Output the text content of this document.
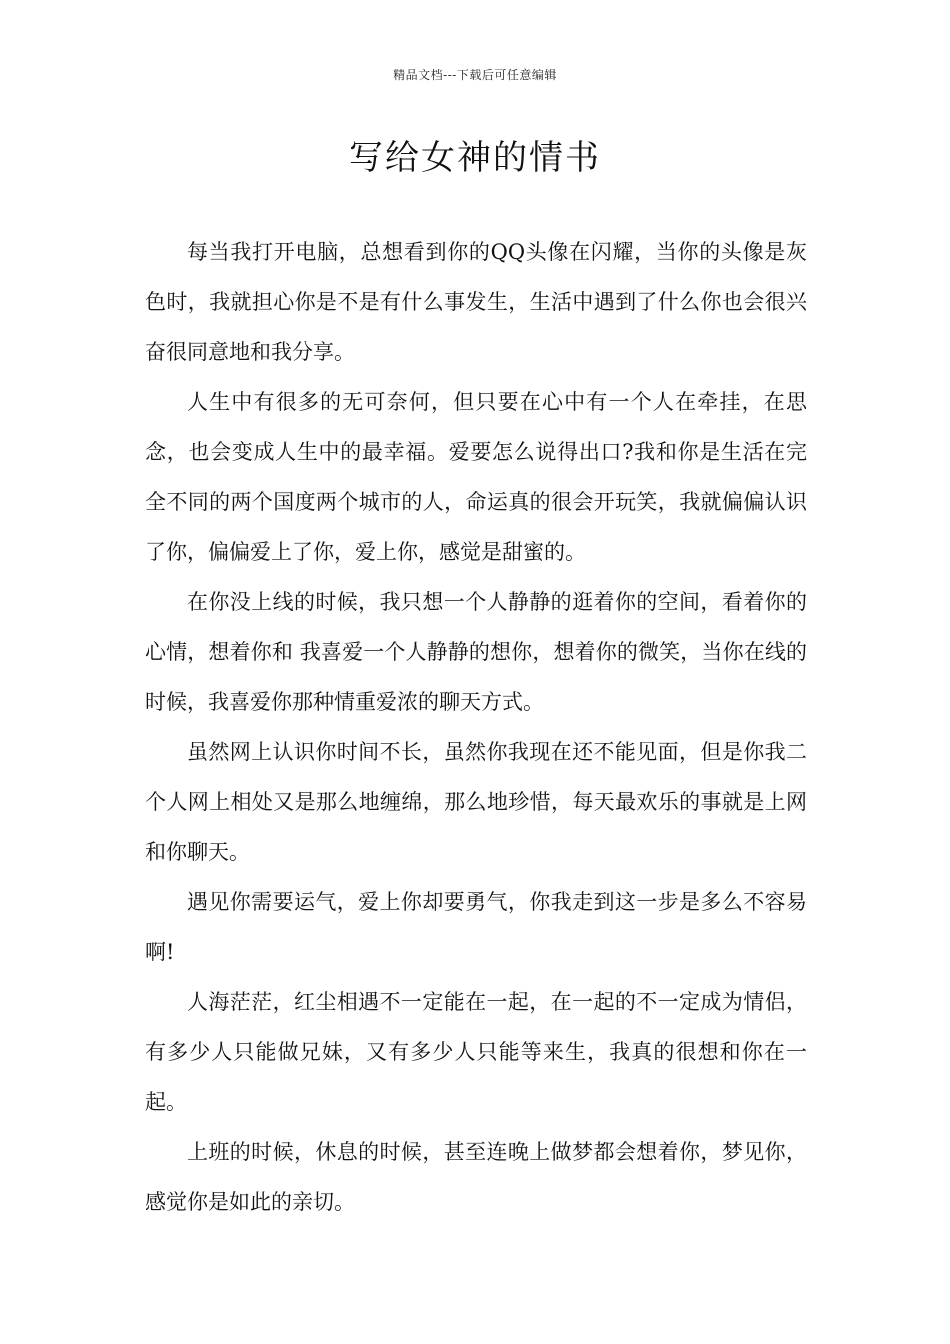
精品文档---下载后可任意编辑
写给女神的情书

每当我打开电脑，总想看到你的QQ头像在闪耀，当你的头像是灰色时，我就担心你是不是有什么事发生，生活中遇到了什么你也会很兴奋很同意地和我分享。

人生中有很多的无可奈何，但只要在心中有一个人在牵挂，在思念，也会变成人生中的最幸福。爱要怎么说得出口?我和你是生活在完全不同的两个国度两个城市的人，命运真的很会开玩笑，我就偏偏认识了你，偏偏爱上了你，爱上你，感觉是甜蜜的。

在你没上线的时候，我只想一个人静静的逛着你的空间，看着你的心情，想着你和 我喜爱一个人静静的想你，想着你的微笑，当你在线的时候，我喜爱你那种情重爱浓的聊天方式。

虽然网上认识你时间不长，虽然你我现在还不能见面，但是你我二个人网上相处又是那么地缠绵，那么地珍惜，每天最欢乐的事就是上网和你聊天。

遇见你需要运气，爱上你却要勇气，你我走到这一步是多么不容易啊!

人海茫茫，红尘相遇不一定能在一起，在一起的不一定成为情侣，有多少人只能做兄妹，又有多少人只能等来生，我真的很想和你在一起。

上班的时候，休息的时候，甚至连晚上做梦都会想着你，梦见你，感觉你是如此的亲切。
